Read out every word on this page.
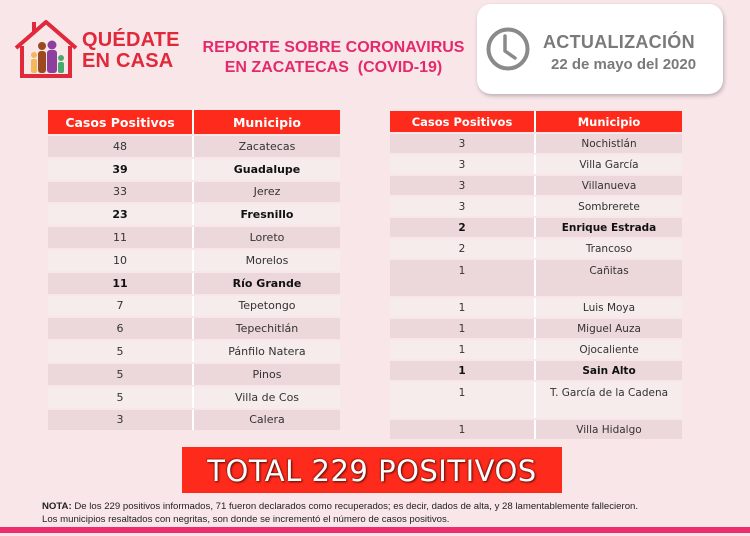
QUÉDATE
EN CASA
REPORTE SOBRE CORONAVIRUS
EN ZACATECAS  (COVID-19)
ACTUALIZACIÓN
22 de mayo del 2020
Casos Positivos	Municipio
48	Zacatecas
39	Guadalupe
33	Jerez
23	Fresnillo
11	Loreto
10	Morelos
11	Río Grande
7	Tepetongo
6	Tepechitlán
5	Pánfilo Natera
5	Pinos
5	Villa de Cos
3	Calera
Casos Positivos	Municipio
3	Nochistlán
3	Villa García
3	Villanueva
3	Sombrerete
2	Enrique Estrada
2	Trancoso
1	Cañitas
1	Luis Moya
1	Miguel Auza
1	Ojocaliente
1	Sain Alto
1	T. García de la Cadena
1	Villa Hidalgo
TOTAL 229 POSITIVOS
NOTA: De los 229 positivos informados, 71 fueron declarados como recuperados; es decir, dados de alta, y 28 lamentablemente fallecieron.
Los municipios resaltados con negritas, son donde se incrementó el número de casos positivos.
